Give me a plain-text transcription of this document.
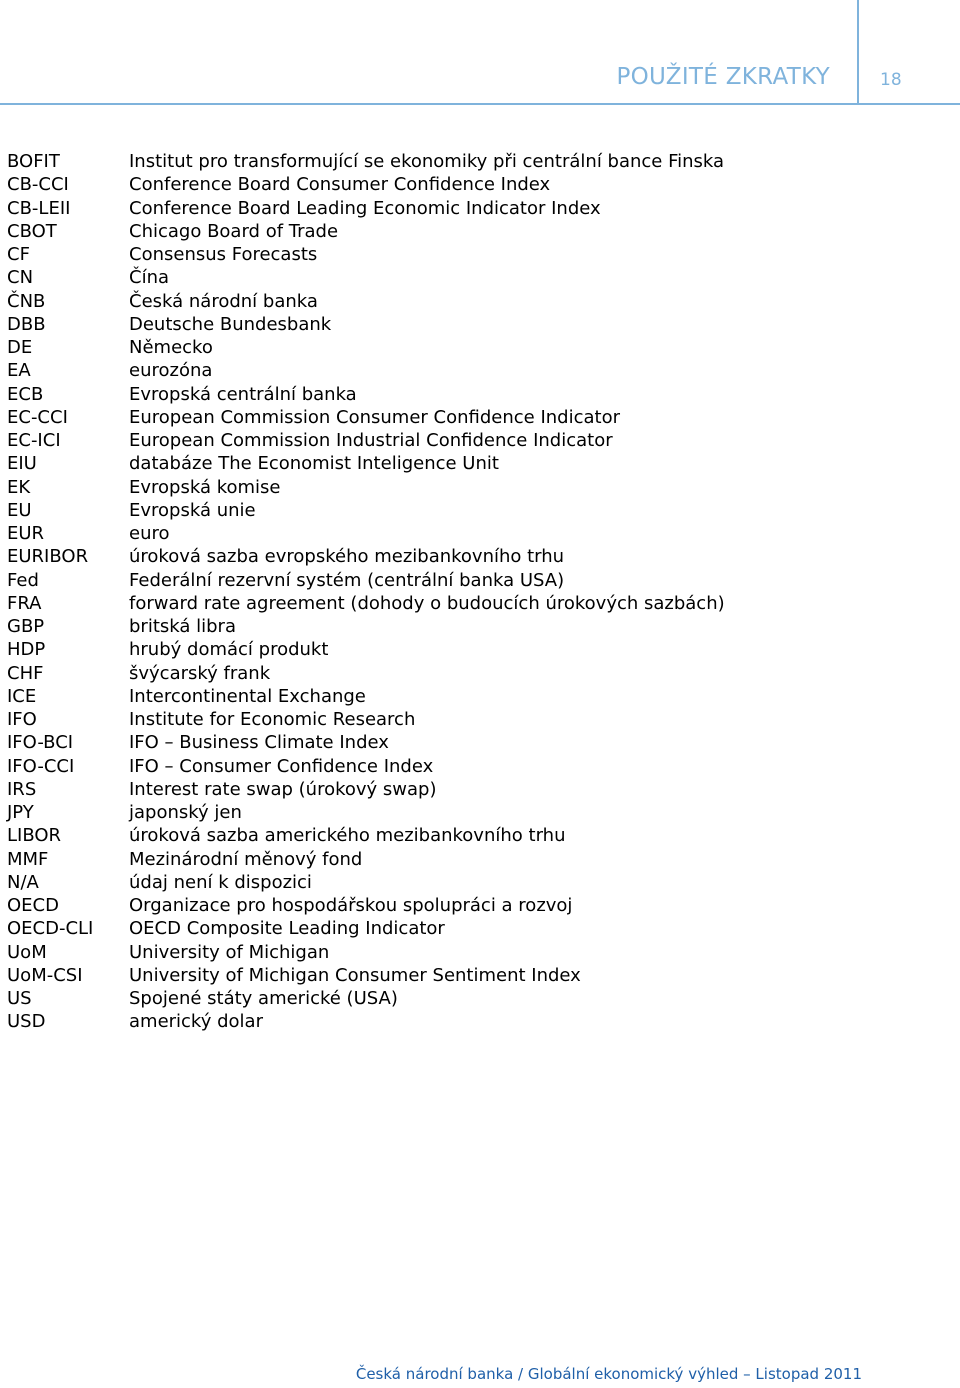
POUŽITÉ ZKRATKY	18
BOFIT	Institut pro transformující se ekonomiky při centrální bance Finska
CB-CCI	Conference Board Consumer Confidence Index
CB-LEII	Conference Board Leading Economic Indicator Index
CBOT	Chicago Board of Trade
CF	Consensus Forecasts
CN	Čína
ČNB	Česká národní banka
DBB	Deutsche Bundesbank
DE	Německo
EA	eurozóna
ECB	Evropská centrální banka
EC-CCI	European Commission Consumer Confidence Indicator
EC-ICI	European Commission Industrial Confidence Indicator
EIU	databáze The Economist Inteligence Unit
EK	Evropská komise
EU	Evropská unie
EUR	euro
EURIBOR	úroková sazba evropského mezibankovního trhu
Fed	Federální rezervní systém (centrální banka USA)
FRA	forward rate agreement (dohody o budoucích úrokových sazbách)
GBP	britská libra
HDP	hrubý domácí produkt
CHF	švýcarský frank
ICE	Intercontinental Exchange
IFO	Institute for Economic Research
IFO-BCI	IFO – Business Climate Index
IFO-CCI	IFO – Consumer Confidence Index
IRS	Interest rate swap (úrokový swap)
JPY	japonský jen
LIBOR	úroková sazba amerického mezibankovního trhu
MMF	Mezinárodní měnový fond
N/A	údaj není k dispozici
OECD	Organizace pro hospodářskou spolupráci a rozvoj
OECD-CLI	OECD Composite Leading Indicator
UoM	University of Michigan
UoM-CSI	University of Michigan Consumer Sentiment Index
US	Spojené státy americké (USA)
USD	americký dolar
Česká národní banka / Globální ekonomický výhled – Listopad 2011
